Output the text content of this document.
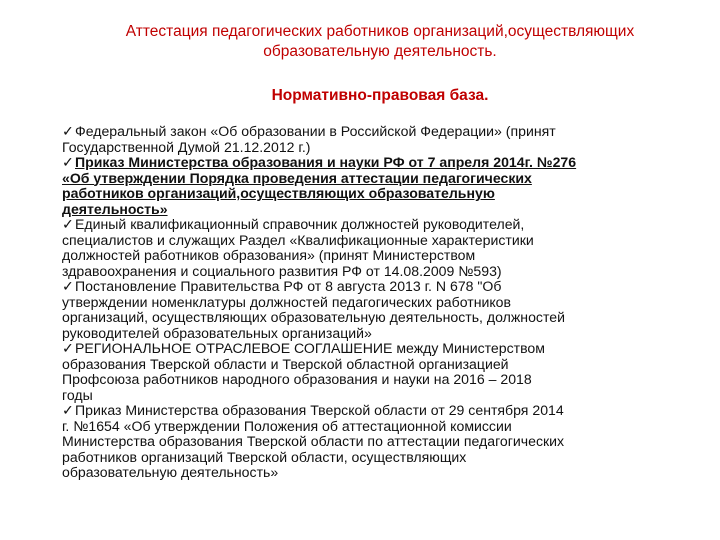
Аттестация педагогических работников организаций,осуществляющих
образовательную деятельность.
Нормативно-правовая база.
✓Федеральный закон «Об образовании в Российской Федерации» (принят
Государственной Думой 21.12.2012 г.)
✓Приказ Министерства образования и науки РФ от 7 апреля 2014г. №276
«Об утверждении Порядка проведения аттестации педагогических
работников организаций,осуществляющих образовательную
деятельность»
✓Единый квалификационный справочник должностей руководителей,
специалистов и служащих Раздел «Квалификационные характеристики
должностей работников образования» (принят Министерством
здравоохранения и социального развития РФ от 14.08.2009 №593)
✓Постановление Правительства РФ от 8 августа 2013 г. N 678 "Об
утверждении номенклатуры должностей педагогических работников
организаций, осуществляющих образовательную деятельность, должностей
руководителей образовательных организаций»
✓РЕГИОНАЛЬНОЕ ОТРАСЛЕВОЕ СОГЛАШЕНИЕ между Министерством
образования Тверской области и Тверской областной организацией
Профсоюза работников народного образования и науки на 2016 – 2018
годы
✓Приказ Министерства образования Тверской области от 29 сентября 2014
г. №1654 «Об утверждении Положения об аттестационной комиссии
Министерства образования Тверской области по аттестации педагогических
работников организаций Тверской области, осуществляющих
образовательную деятельность»
